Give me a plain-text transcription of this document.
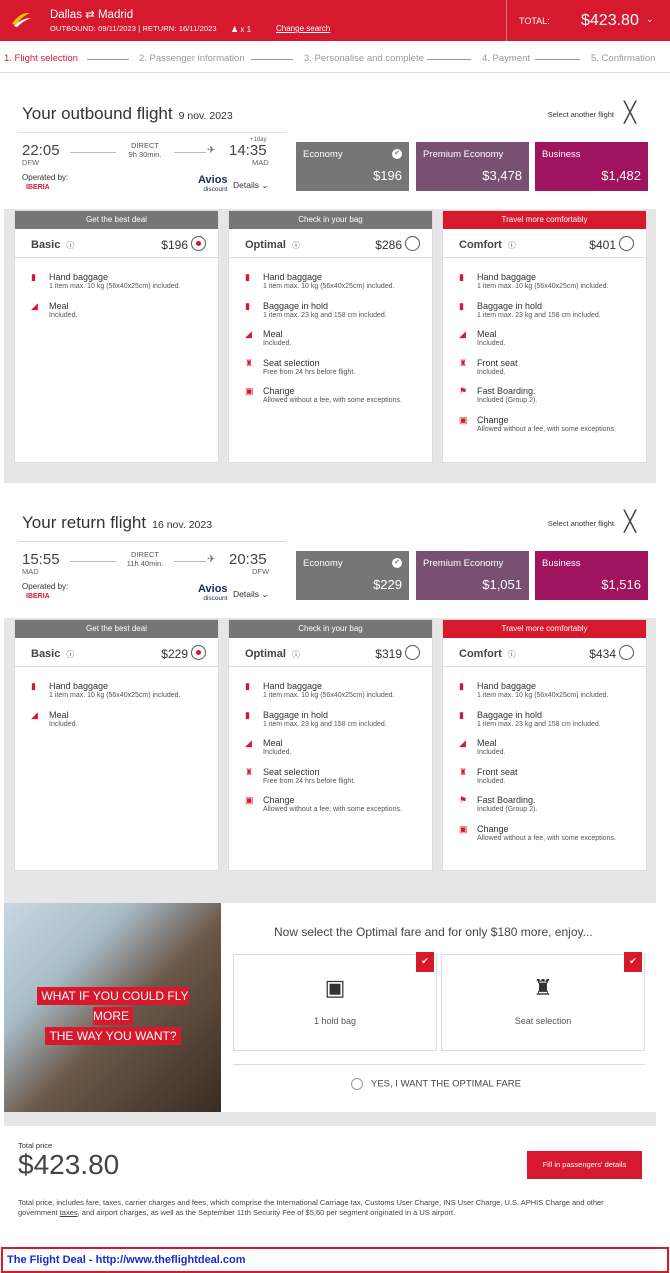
Dallas ⇄ Madrid
OUTBOUND: 09/11/2023 | RETURN: 16/11/2023 ♟ x 1	Change search
TOTAL: $423.80 ⌄
1. Flight selection	2. Passenger information	3. Personalise and complete	4. Payment	5. Confirmation
Your outbound flight 9 nov. 2023	Select another flight ╳
22:05
DFW
DIRECT
9h 30min.	✈
+1day
14:35
MAD
Operated by:
IBERIA
Avios
discount Details ⌄
Economy	✔
$196
Premium Economy
$3,478
Business
$1,482
Get the best deal
Basic ⓘ	$196
▮	Hand baggage
1 item max. 10 kg (56x40x25cm) included.
◢	Meal
Included.
Check in your bag
Optimal ⓘ	$286
▮	Hand baggage
1 item max. 10 kg (56x40x25cm) included.
▮	Baggage in hold
1 item max. 23 kg and 158 cm included.
◢	Meal
Included.
♜	Seat selection
Free from 24 hrs before flight.
▣	Change
Allowed without a fee, with some exceptions.
Travel more comfortably
Comfort ⓘ	$401
▮	Hand baggage
1 item max. 10 kg (56x40x25cm) included.
▮	Baggage in hold
1 item max. 23 kg and 158 cm included.
◢	Meal
Included.
♜	Front seat
Included.
⚑	Fast Boarding.
Included (Group 2).
▣	Change
Allowed without a fee, with some exceptions.
Your return flight 16 nov. 2023	Select another flight ╳
15:55
MAD
DIRECT
11h 40min.	✈ 20:35
DFW
Operated by:
IBERIA
Avios
discount Details ⌄
Economy	✔
$229
Premium Economy
$1,051
Business
$1,516
Get the best deal
Basic ⓘ	$229
▮	Hand baggage
1 item max. 10 kg (56x40x25cm) included.
◢	Meal
Included.
Check in your bag
Optimal ⓘ	$319
▮	Hand baggage
1 item max. 10 kg (56x40x25cm) included.
▮	Baggage in hold
1 item max. 23 kg and 158 cm included.
◢	Meal
Included.
♜	Seat selection
Free from 24 hrs before flight.
▣	Change
Allowed without a fee, with some exceptions.
Travel more comfortably
Comfort ⓘ	$434
▮	Hand baggage
1 item max. 10 kg (56x40x25cm) included.
▮	Baggage in hold
1 item max. 23 kg and 158 cm included.
◢	Meal
Included.
♜	Front seat
Included.
⚑	Fast Boarding.
Included (Group 2).
▣	Change
Allowed without a fee, with some exceptions.
WHAT IF YOU COULD FLY MORE
THE WAY YOU WANT?
Now select the Optimal fare and for only $180 more, enjoy...
✔
▣
1 hold bag
✔
♜
Seat selection
YES, I WANT THE OPTIMAL FARE
Total price
$423.80	Fill in passengers' details
Total price, includes fare, taxes, carrier charges and fees, which comprise the International Carriage tax, Customs User Charge, INS User Charge, U.S. APHIS Charge and other government taxes, and airport charges, as well as the September 11th Security Fee of $5,60 per segment originated in a US airport.
The Flight Deal - http://www.theflightdeal.com
